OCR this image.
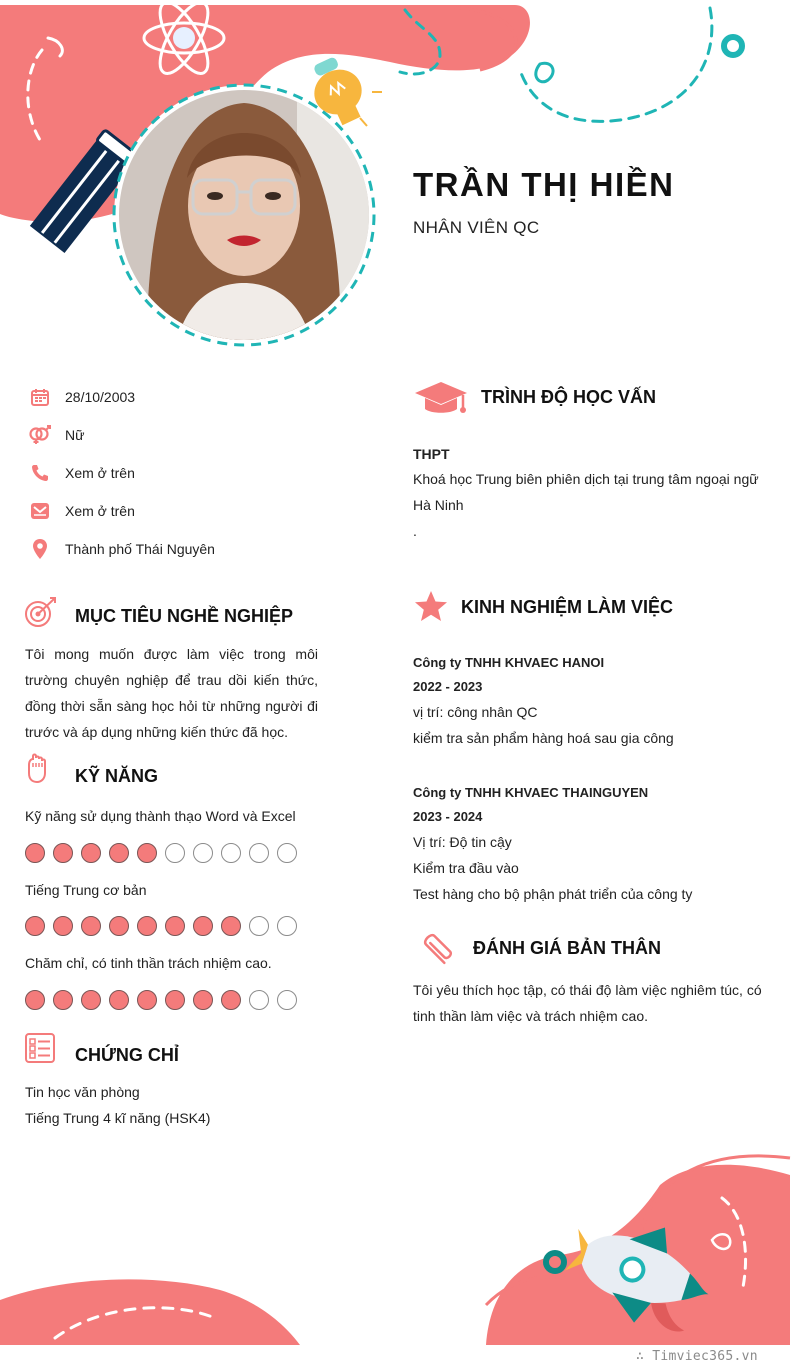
TRẦN THỊ HIỀN
NHÂN VIÊN QC
28/10/2003
Nữ
Xem ở trên
Xem ở trên
Thành phố Thái Nguyên
MỤC TIÊU NGHỀ NGHIỆP
Tôi mong muốn được làm việc trong môi trường chuyên nghiệp để trau dồi kiến thức, đồng thời sẵn sàng học hỏi từ những người đi trước và áp dụng những kiến thức đã học.
KỸ NĂNG
Kỹ năng sử dụng thành thạo Word và Excel
Tiếng Trung cơ bản
Chăm chỉ, có tinh thần trách nhiệm cao.
CHỨNG CHỈ
Tin học văn phòng
Tiếng Trung 4 kĩ năng (HSK4)
TRÌNH ĐỘ HỌC VẤN
THPT
Khoá học Trung biên phiên dịch tại trung tâm ngoại ngữ
Hà Ninh
.
KINH NGHIỆM LÀM VIỆC
Công ty TNHH KHVAEC HANOI
2022 - 2023
vị trí: công nhân QC
kiểm tra sản phẩm hàng hoá sau gia công
Công ty TNHH KHVAEC THAINGUYEN
2023 - 2024
Vị trí: Độ tin cậy
Kiểm tra đầu vào
Test hàng cho bộ phận phát triển của công ty
ĐÁNH GIÁ BẢN THÂN
Tôi yêu thích học tập, có thái độ làm việc nghiêm túc, có tinh thần làm việc và trách nhiệm cao.
∴ Timviec365.vn
